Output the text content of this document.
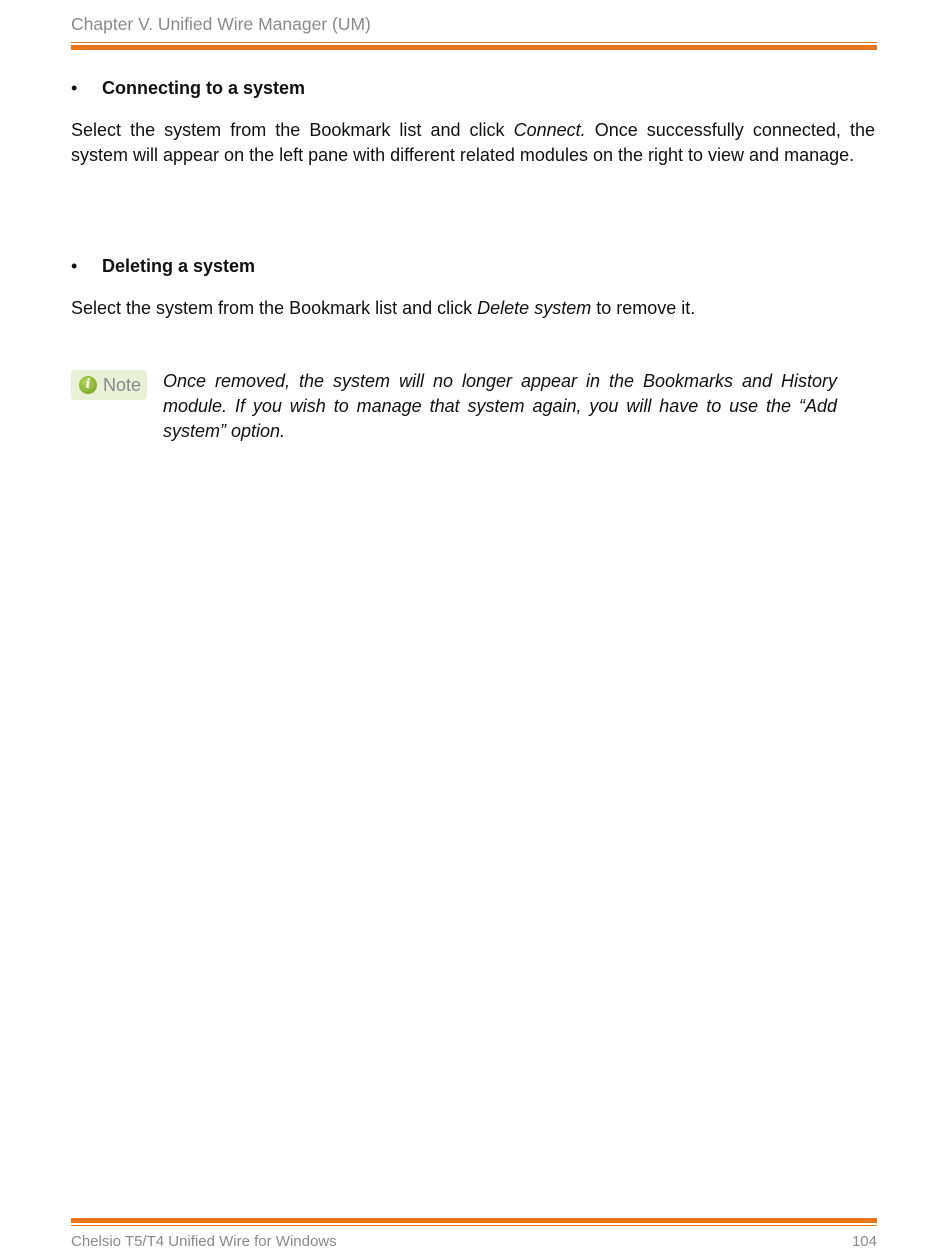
Chapter V. Unified Wire Manager (UM)
• Connecting to a system
Select the system from the Bookmark list and click Connect. Once successfully connected, the system will appear on the left pane with different related modules on the right to view and manage.
• Deleting a system
Select the system from the Bookmark list and click Delete system to remove it.
i Note Once removed, the system will no longer appear in the Bookmarks and History module. If you wish to manage that system again, you will have to use the “Add system” option.
Chelsio T5/T4 Unified Wire for Windows	104
